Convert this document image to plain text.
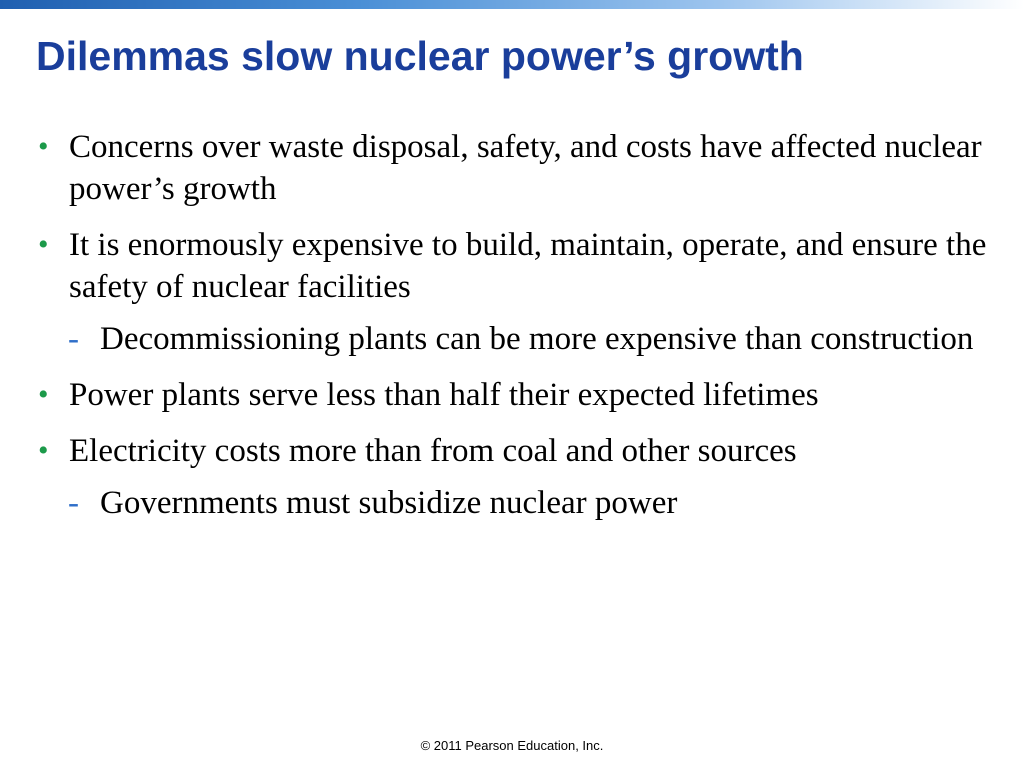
Dilemmas slow nuclear power’s growth
• Concerns over waste disposal, safety, and costs have affected nuclear power’s growth
• It is enormously expensive to build, maintain, operate, and ensure the safety of nuclear facilities
- Decommissioning plants can be more expensive than construction
• Power plants serve less than half their expected lifetimes
• Electricity costs more than from coal and other sources
- Governments must subsidize nuclear power
© 2011 Pearson Education, Inc.
